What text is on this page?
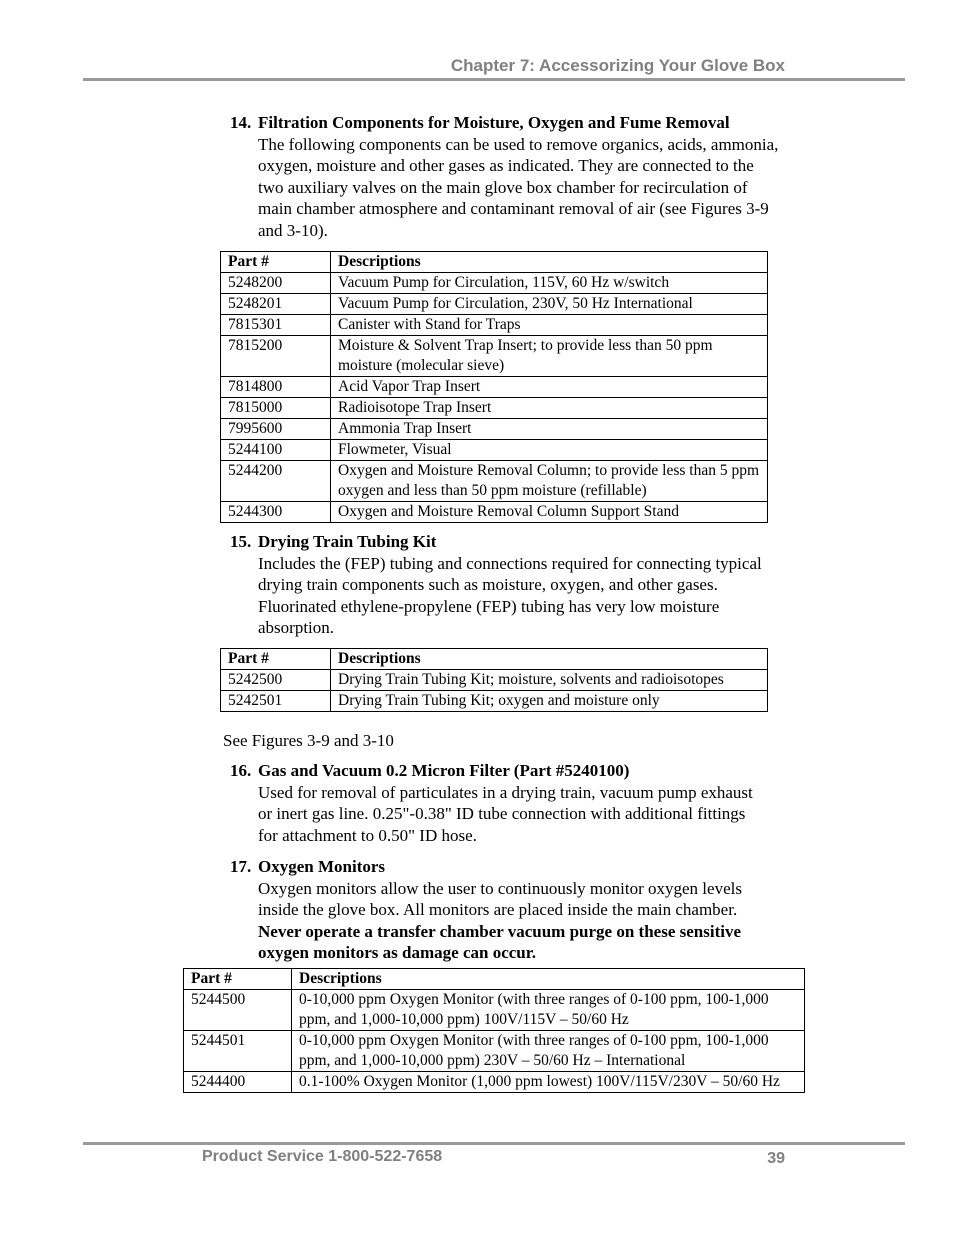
Chapter 7: Accessorizing Your Glove Box
14. Filtration Components for Moisture, Oxygen and Fume Removal
The following components can be used to remove organics, acids, ammonia, oxygen, moisture and other gases as indicated. They are connected to the two auxiliary valves on the main glove box chamber for recirculation of main chamber atmosphere and contaminant removal of air (see Figures 3-9 and 3-10).
Part #	Descriptions
5248200	Vacuum Pump for Circulation, 115V, 60 Hz w/switch
5248201	Vacuum Pump for Circulation, 230V, 50 Hz International
7815301	Canister with Stand for Traps
7815200	Moisture & Solvent Trap Insert; to provide less than 50 ppm moisture (molecular sieve)
7814800	Acid Vapor Trap Insert
7815000	Radioisotope Trap Insert
7995600	Ammonia Trap Insert
5244100	Flowmeter, Visual
5244200	Oxygen and Moisture Removal Column; to provide less than 5 ppm oxygen and less than 50 ppm moisture (refillable)
5244300	Oxygen and Moisture Removal Column Support Stand
15. Drying Train Tubing Kit
Includes the (FEP) tubing and connections required for connecting typical drying train components such as moisture, oxygen, and other gases. Fluorinated ethylene-propylene (FEP) tubing has very low moisture absorption.
Part #	Descriptions
5242500	Drying Train Tubing Kit; moisture, solvents and radioisotopes
5242501	Drying Train Tubing Kit; oxygen and moisture only
See Figures 3-9 and 3-10
16. Gas and Vacuum 0.2 Micron Filter (Part #5240100)
Used for removal of particulates in a drying train, vacuum pump exhaust or inert gas line. 0.25"-0.38" ID tube connection with additional fittings for attachment to 0.50" ID hose.
17. Oxygen Monitors
Oxygen monitors allow the user to continuously monitor oxygen levels inside the glove box. All monitors are placed inside the main chamber. Never operate a transfer chamber vacuum purge on these sensitive oxygen monitors as damage can occur.
Part #	Descriptions
5244500	0-10,000 ppm Oxygen Monitor (with three ranges of 0-100 ppm, 100-1,000 ppm, and 1,000-10,000 ppm) 100V/115V – 50/60 Hz
5244501	0-10,000 ppm Oxygen Monitor (with three ranges of 0-100 ppm, 100-1,000 ppm, and 1,000-10,000 ppm) 230V – 50/60 Hz – International
5244400	0.1-100% Oxygen Monitor (1,000 ppm lowest) 100V/115V/230V – 50/60 Hz
Product Service 1-800-522-7658	39
